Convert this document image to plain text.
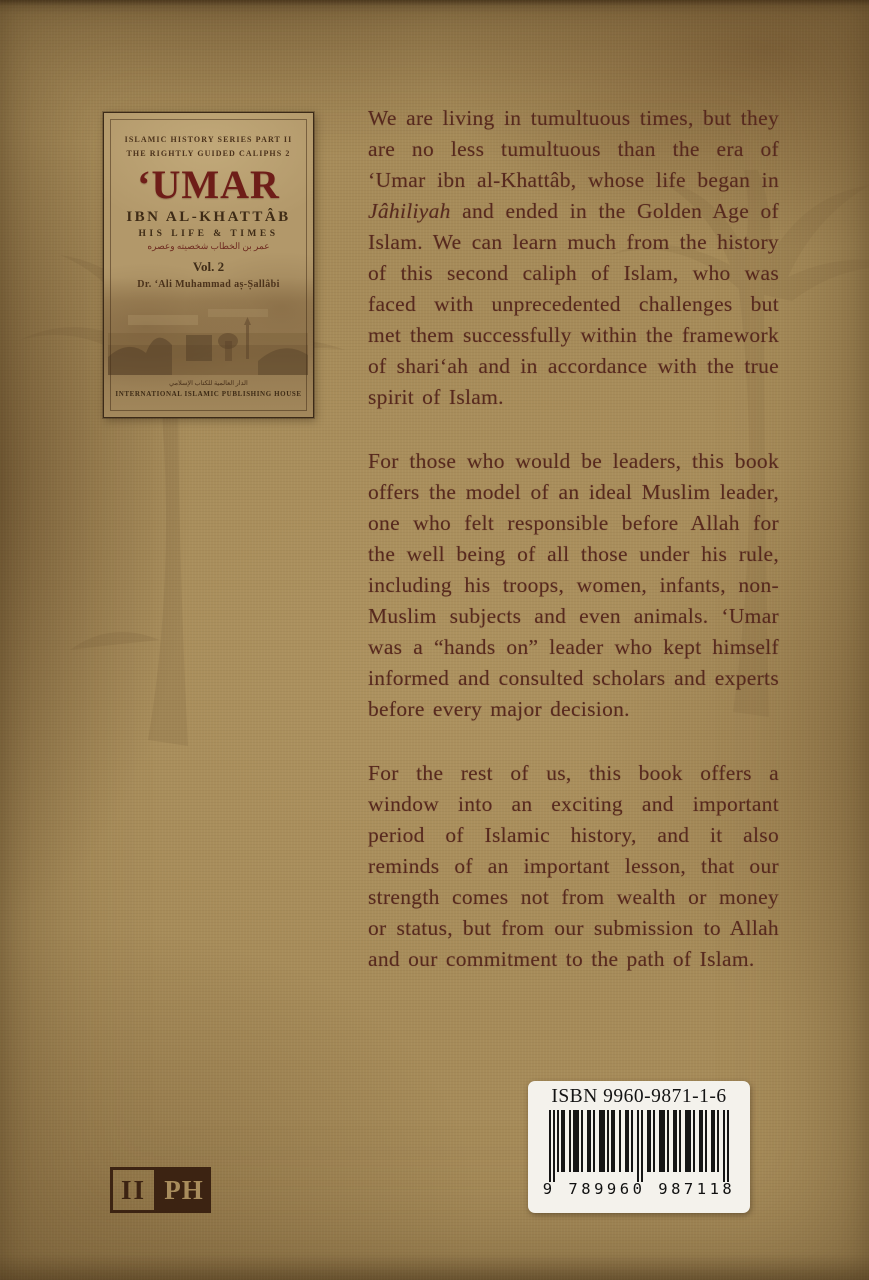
ISLAMIC HISTORY SERIES PART II
THE RIGHTLY GUIDED CALIPHS 2
‘UMAR
IBN AL-KHATTÂB
HIS LIFE & TIMES
عمر بن الخطاب شخصيته وعصره
Vol. 2
Dr. ‘Ali Muhammad aṣ-Ṣallâbi
الدار العالمية للكتاب الإسلامي
INTERNATIONAL ISLAMIC PUBLISHING HOUSE

We are living in tumultuous times, but they are no less tumultuous than the era of ‘Umar ibn al-Khattâb, whose life began in Jâhiliyah and ended in the Golden Age of Islam. We can learn much from the history of this second caliph of Islam, who was faced with unprecedented challenges but met them successfully within the framework of shari‘ah and in accordance with the true spirit of Islam.

For those who would be leaders, this book offers the model of an ideal Muslim leader, one who felt responsible before Allah for the well being of all those under his rule, including his troops, women, infants, non-Muslim subjects and even animals. ‘Umar was a “hands on” leader who kept himself informed and consulted scholars and experts before every major decision.

For the rest of us, this book offers a window into an exciting and important period of Islamic history, and it also reminds of an important lesson, that our strength comes not from wealth or money or status, but from our submission to Allah and our commitment to the path of Islam.

ISBN 9960-9871-1-6
9 789960 987118
II PH
